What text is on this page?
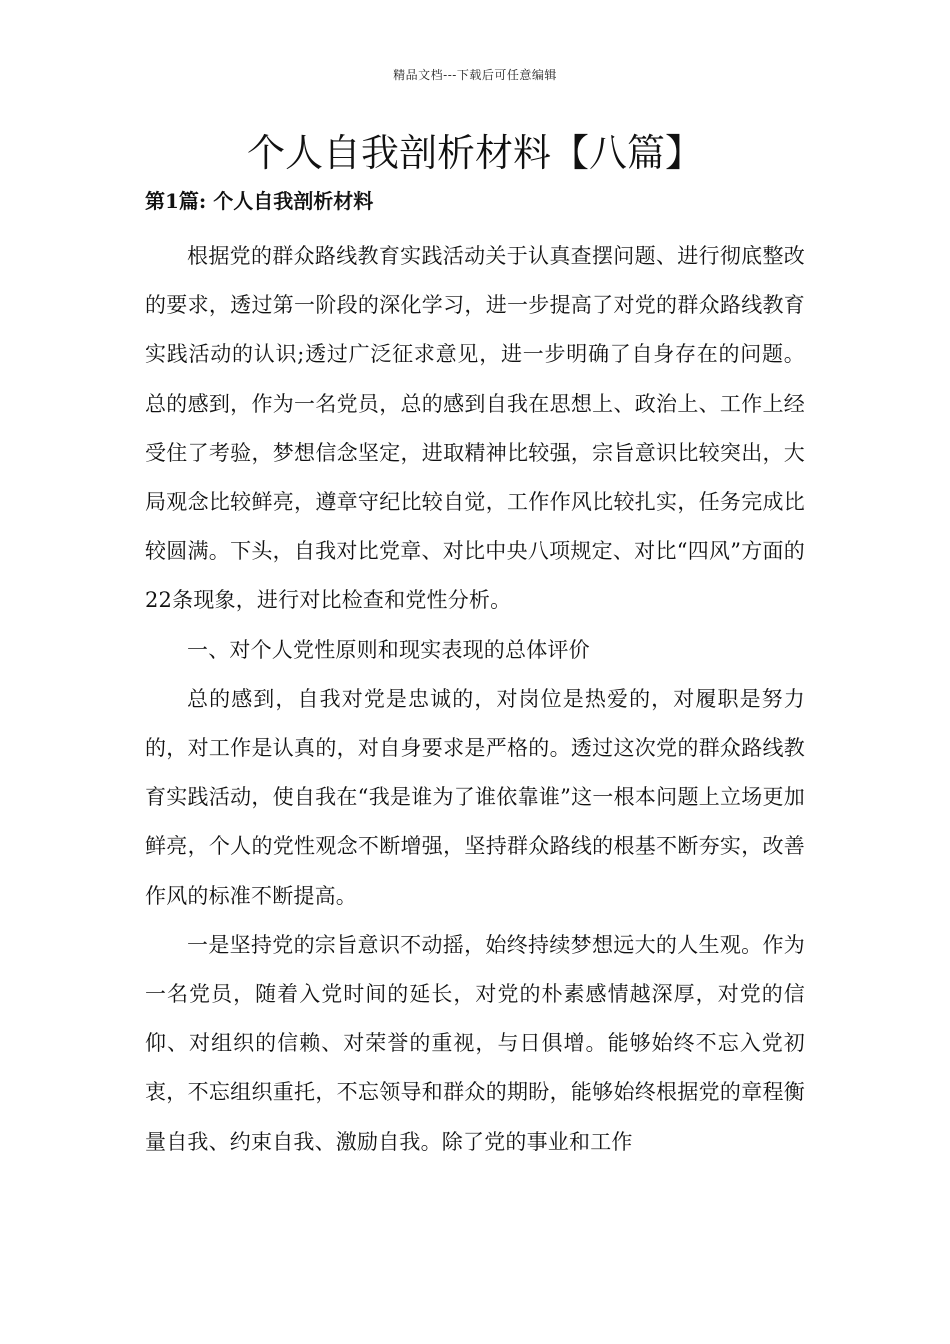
精品文档---下载后可任意编辑
个人自我剖析材料【八篇】
第1篇: 个人自我剖析材料

根据党的群众路线教育实践活动关于认真查摆问题、进行彻底整改的要求，透过第一阶段的深化学习，进一步提高了对党的群众路线教育实践活动的认识;透过广泛征求意见，进一步明确了自身存在的问题。总的感到，作为一名党员，总的感到自我在思想上、政治上、工作上经受住了考验，梦想信念坚定，进取精神比较强，宗旨意识比较突出，大局观念比较鲜亮，遵章守纪比较自觉，工作作风比较扎实，任务完成比较圆满。下头，自我对比党章、对比中央八项规定、对比“四风”方面的22条现象，进行对比检查和党性分析。

一、对个人党性原则和现实表现的总体评价

总的感到，自我对党是忠诚的，对岗位是热爱的，对履职是努力的，对工作是认真的，对自身要求是严格的。透过这次党的群众路线教育实践活动，使自我在“我是谁为了谁依靠谁”这一根本问题上立场更加鲜亮，个人的党性观念不断增强，坚持群众路线的根基不断夯实，改善作风的标准不断提高。

一是坚持党的宗旨意识不动摇，始终持续梦想远大的人生观。作为一名党员，随着入党时间的延长，对党的朴素感情越深厚，对党的信仰、对组织的信赖、对荣誉的重视，与日俱增。能够始终不忘入党初衷，不忘组织重托，不忘领导和群众的期盼，能够始终根据党的章程衡量自我、约束自我、激励自我。除了党的事业和工作
